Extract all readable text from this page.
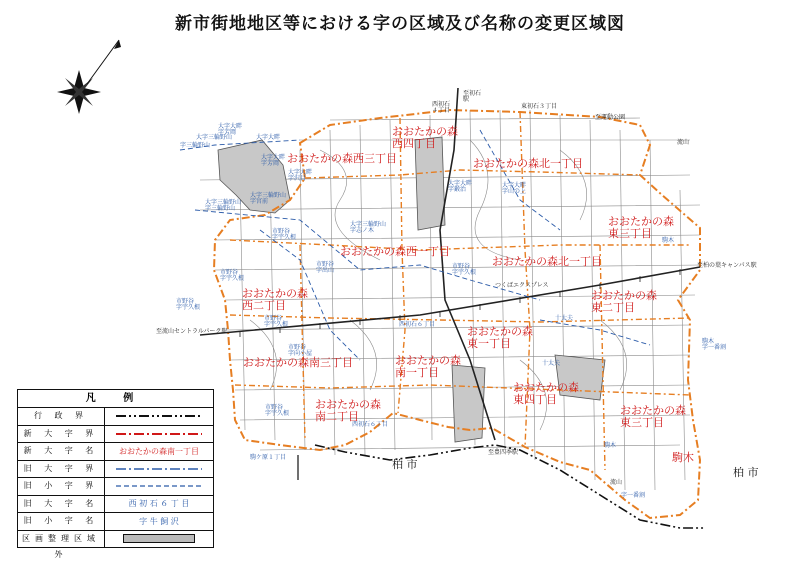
新市街地地区等における字の区域及び名称の変更区域図
おおたかの森
西四丁目
おおたかの森西三丁目	おおたかの森北一丁目
おおたかの森
東三丁目
おおたかの森西一丁目
おおたかの森北一丁目
おおたかの森
西二丁目
おおたかの森
東二丁目
おおたかの森
東一丁目
おおたかの森南三丁目	おおたかの森
南一丁目
おおたかの森
東四丁目
おおたかの森
南二丁目	おおたかの森
東三丁目
駒木
大字大畔
字芳岡
大字三輪野山
字三輪野山
大字大畔
大字大畔
字芳岡
大字大畔
字沢目
大字三輪野山
字宮前
大字三輪野山
字三輪野山
大字大畔
字鍛治
大字大畔
字山の上
大字三輪野山
字志ノ木
市野谷
字宇久根
市野谷
字宇久根
市野谷
字出山
市野谷
字宇久根
西初石６丁目
十太夫
市野谷
字宇久根
市野谷
字向小屋
市野谷
字宇久根
十太夫
駒木
駒木
字一番割
駒木
西初石６丁目
字一番割
市野谷
字宇久根
駒ケ原１丁目
至初石
駅
西初石
４丁目
東初石３丁目
至運動公園
流山
つくばエクスプレス
至流山セントラルパーク駅
至柏の葉キャンパス駅
至豊四季駅
流山
柏 市
柏 市
凡 例
行 政 界
新 大 字 界
新 大 字 名	おおたかの森南一丁目
旧 大 字 界
旧 小 字 界
旧 大 字 名	西 初 石 ６ 丁 目
旧 小 字 名	字 牛 飼 沢
区画整理区域外
